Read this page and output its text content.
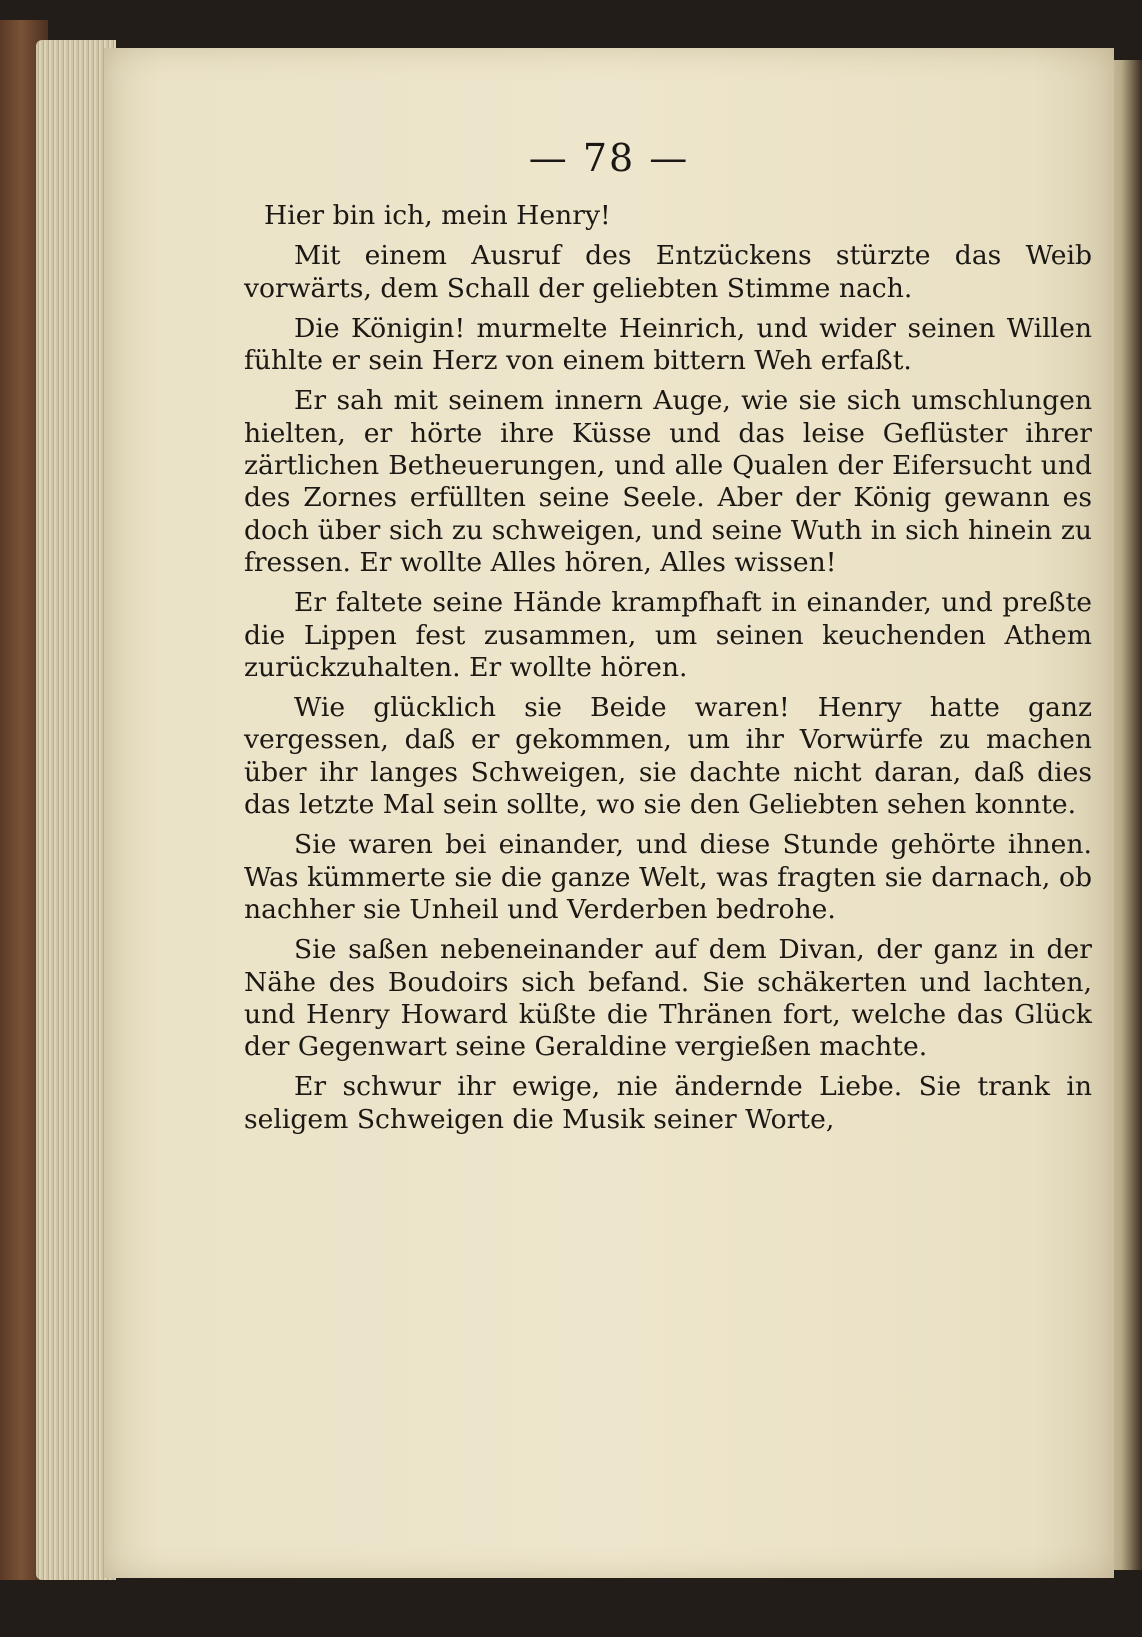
— 78 —

Hier bin ich, mein Henry!

Mit einem Ausruf des Entzückens stürzte das Weib vorwärts, dem Schall der geliebten Stimme nach.

Die Königin! murmelte Heinrich, und wider seinen Willen fühlte er sein Herz von einem bittern Weh erfaßt.

Er sah mit seinem innern Auge, wie sie sich umschlungen hielten, er hörte ihre Küsse und das leise Geflüster ihrer zärtlichen Betheuerungen, und alle Qualen der Eifersucht und des Zornes erfüllten seine Seele. Aber der König gewann es doch über sich zu schweigen, und seine Wuth in sich hinein zu fressen. Er wollte Alles hören, Alles wissen!

Er faltete seine Hände krampfhaft in einander, und preßte die Lippen fest zusammen, um seinen keuchenden Athem zurückzuhalten. Er wollte hören.

Wie glücklich sie Beide waren! Henry hatte ganz vergessen, daß er gekommen, um ihr Vorwürfe zu machen über ihr langes Schweigen, sie dachte nicht daran, daß dies das letzte Mal sein sollte, wo sie den Geliebten sehen konnte.

Sie waren bei einander, und diese Stunde gehörte ihnen. Was kümmerte sie die ganze Welt, was fragten sie darnach, ob nachher sie Unheil und Verderben bedrohe.

Sie saßen nebeneinander auf dem Divan, der ganz in der Nähe des Boudoirs sich befand. Sie schäkerten und lachten, und Henry Howard küßte die Thränen fort, welche das Glück der Gegenwart seine Geraldine vergießen machte.

Er schwur ihr ewige, nie ändernde Liebe. Sie trank in seligem Schweigen die Musik seiner Worte,
